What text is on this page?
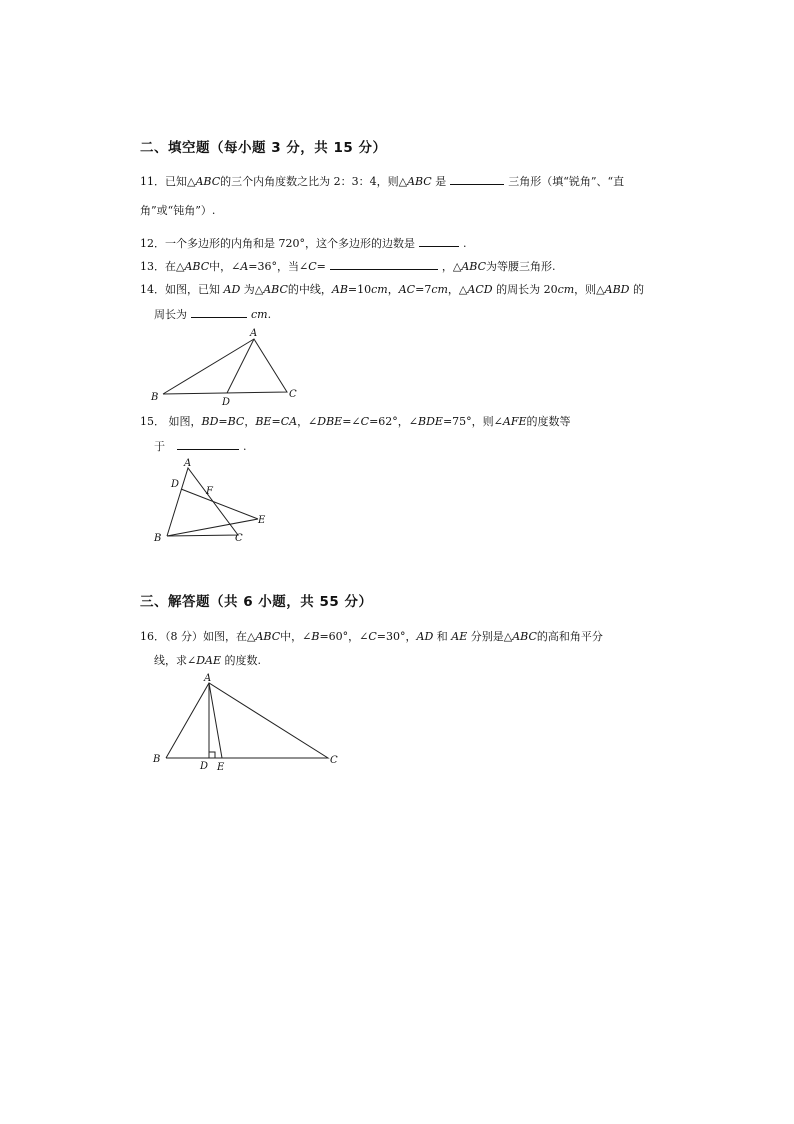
二、填空题（每小题 3 分，共 15 分）
11．已知△ABC的三个内角度数之比为 2：3：4，则△ABC 是	三角形（填“锐角”、“直
角”或“钝角”）.
12．一个多边形的内角和是 720°，这个多边形的边数是	.
13．在△ABC中，∠A=36°，当∠C=	，△ABC为等腰三角形.
14．如图，已知 AD 为△ABC的中线，AB=10cm，AC=7cm，△ACD 的周长为 20cm，则△ABD 的
周长为	cm.
A
B	C
D
15． 如图，BD=BC，BE=CA，∠DBE=∠C=62°，∠BDE=75°，则∠AFE的度数等
于	.
A
D
F
E
B	C
三、解答题（共 6 小题，共 55 分）
16．（8 分）如图，在△ABC中，∠B=60°，∠C=30°，AD 和 AE 分别是△ABC的高和角平分
线，求∠DAE 的度数.
A
B	C
D E
